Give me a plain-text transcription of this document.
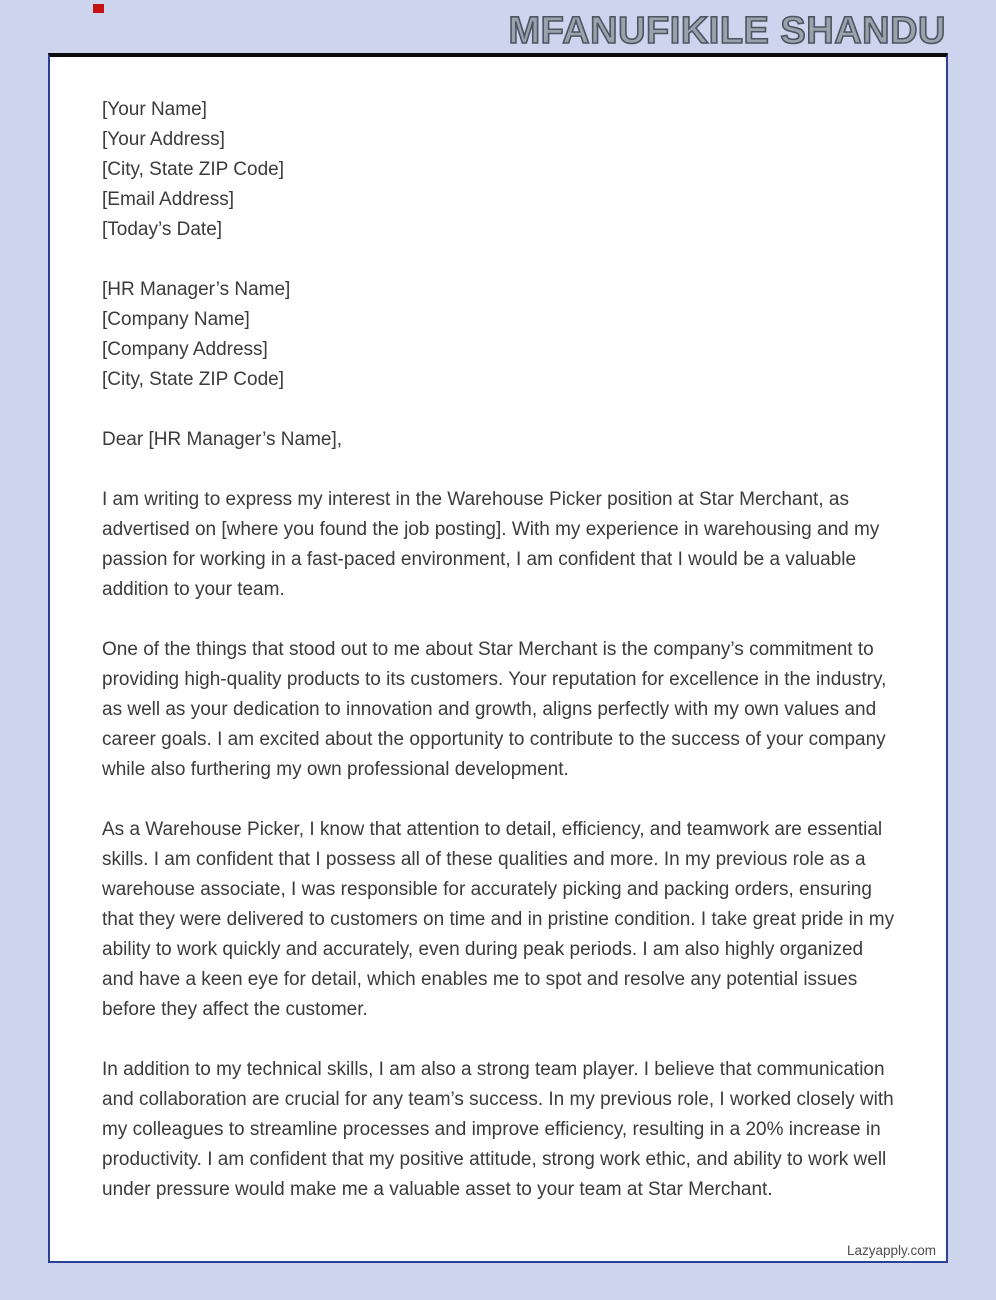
MFANUFIKILE SHANDU
[Your Name]
[Your Address]
[City, State ZIP Code]
[Email Address]
[Today’s Date]
[HR Manager’s Name]
[Company Name]
[Company Address]
[City, State ZIP Code]
Dear [HR Manager’s Name],
I am writing to express my interest in the Warehouse Picker position at Star Merchant, as advertised on [where you found the job posting]. With my experience in warehousing and my passion for working in a fast-paced environment, I am confident that I would be a valuable addition to your team.
One of the things that stood out to me about Star Merchant is the company’s commitment to providing high-quality products to its customers. Your reputation for excellence in the industry, as well as your dedication to innovation and growth, aligns perfectly with my own values and career goals. I am excited about the opportunity to contribute to the success of your company while also furthering my own professional development.
As a Warehouse Picker, I know that attention to detail, efficiency, and teamwork are essential skills. I am confident that I possess all of these qualities and more. In my previous role as a warehouse associate, I was responsible for accurately picking and packing orders, ensuring that they were delivered to customers on time and in pristine condition. I take great pride in my ability to work quickly and accurately, even during peak periods. I am also highly organized and have a keen eye for detail, which enables me to spot and resolve any potential issues before they affect the customer.
In addition to my technical skills, I am also a strong team player. I believe that communication and collaboration are crucial for any team’s success. In my previous role, I worked closely with my colleagues to streamline processes and improve efficiency, resulting in a 20% increase in productivity. I am confident that my positive attitude, strong work ethic, and ability to work well under pressure would make me a valuable asset to your team at Star Merchant.
Lazyapply.com
